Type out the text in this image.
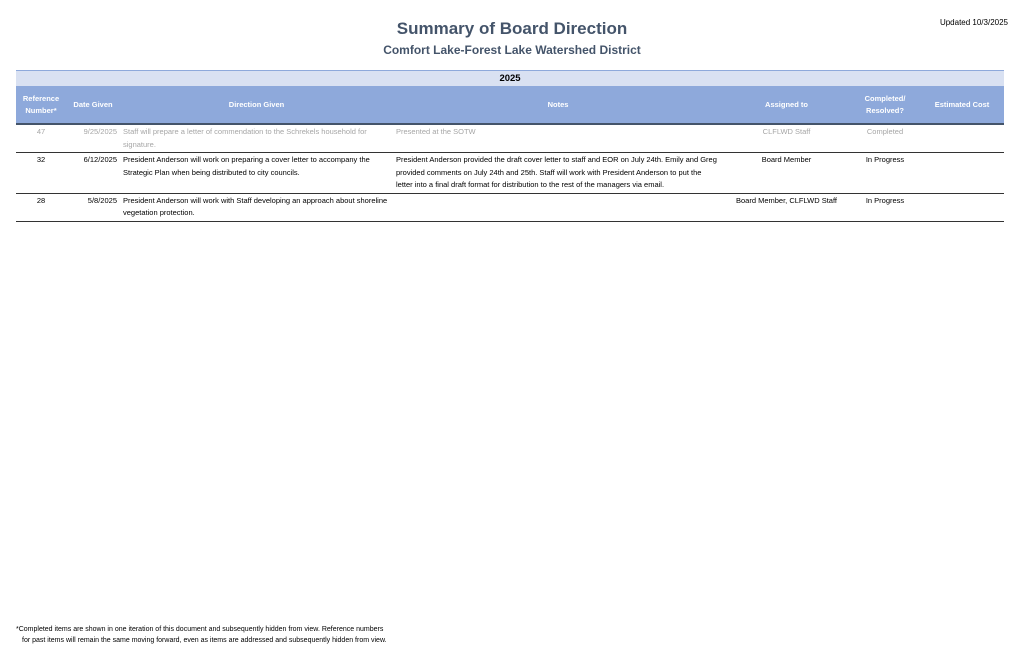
Updated 10/3/2025
Summary of Board Direction
Comfort Lake-Forest Lake Watershed District
2025						
Reference Number*	Date Given	Direction Given	Notes	Assigned to	Completed/ Resolved?	Estimated Cost
47	9/25/2025	Staff will prepare a letter of commendation to the Schrekels household for signature.	Presented at the SOTW	CLFLWD Staff	Completed	
32	6/12/2025	President Anderson will work on preparing a cover letter to accompany the Strategic Plan when being distributed to city councils.	President Anderson provided the draft cover letter to staff and EOR on July 24th. Emily and Greg provided comments on July 24th and 25th. Staff will work with President Anderson to put the letter into a final draft format for distribution to the rest of the managers via email.	Board Member	In Progress	
28	5/8/2025	President Anderson will work with Staff developing an approach about shoreline vegetation protection.		Board Member, CLFLWD Staff	In Progress	
*Completed items are shown in one iteration of this document and subsequently hidden from view. Reference numbers
for past items will remain the same moving forward, even as items are addressed and subsequently hidden from view.
